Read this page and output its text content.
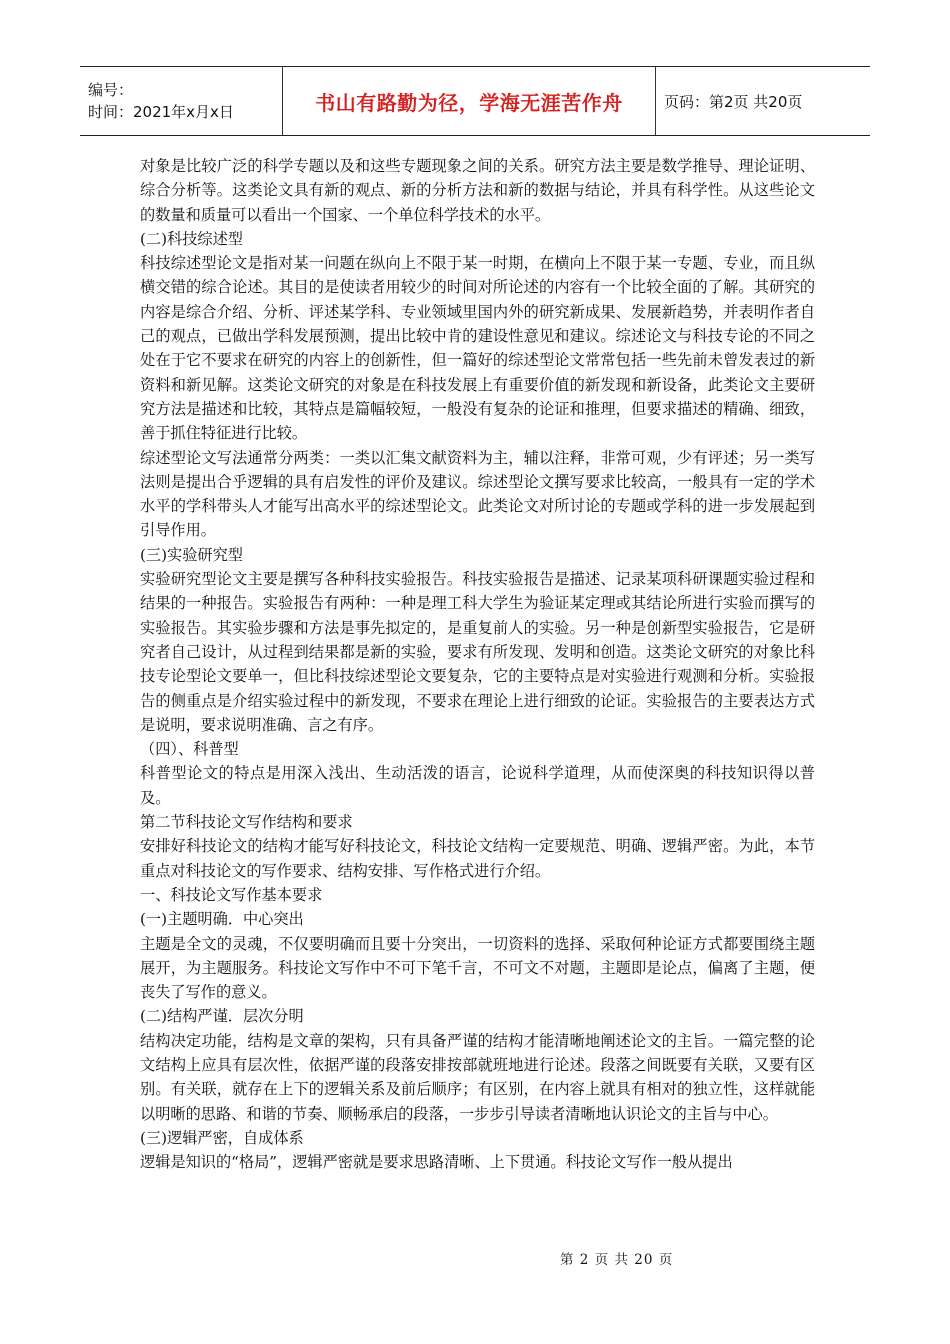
编号：
时间：2021年x月x日	书山有路勤为径，学海无涯苦作舟	页码：第2页 共20页

对象是比较广泛的科学专题以及和这些专题现象之间的关系。研究方法主要是数学推导、理论证明、综合分析等。这类论文具有新的观点、新的分析方法和新的数据与结论，并具有科学性。从这些论文的数量和质量可以看出一个国家、一个单位科学技术的水平。

(二)科技综述型

科技综述型论文是指对某一问题在纵向上不限于某一时期，在横向上不限于某一专题、专业，而且纵横交错的综合论述。其目的是使读者用较少的时间对所论述的内容有一个比较全面的了解。其研究的内容是综合介绍、分析、评述某学科、专业领域里国内外的研究新成果、发展新趋势，并表明作者自己的观点，已做出学科发展预测，提出比较中肯的建设性意见和建议。综述论文与科技专论的不同之处在于它不要求在研究的内容上的创新性，但一篇好的综述型论文常常包括一些先前未曾发表过的新资料和新见解。这类论文研究的对象是在科技发展上有重要价值的新发现和新设备，此类论文主要研究方法是描述和比较，其特点是篇幅较短，一般没有复杂的论证和推理，但要求描述的精确、细致，善于抓住特征进行比较。

综述型论文写法通常分两类：一类以汇集文献资料为主，辅以注释，非常可观，少有评述；另一类写法则是提出合乎逻辑的具有启发性的评价及建议。综述型论文撰写要求比较高，一般具有一定的学术水平的学科带头人才能写出高水平的综述型论文。此类论文对所讨论的专题或学科的进一步发展起到引导作用。

(三)实验研究型

实验研究型论文主要是撰写各种科技实验报告。科技实验报告是描述、记录某项科研课题实验过程和结果的一种报告。实验报告有两种：一种是理工科大学生为验证某定理或其结论所进行实验而撰写的实验报告。其实验步骤和方法是事先拟定的，是重复前人的实验。另一种是创新型实验报告，它是研究者自己设计，从过程到结果都是新的实验，要求有所发现、发明和创造。这类论文研究的对象比科技专论型论文要单一，但比科技综述型论文要复杂，它的主要特点是对实验进行观测和分析。实验报告的侧重点是介绍实验过程中的新发现，不要求在理论上进行细致的论证。实验报告的主要表达方式是说明，要求说明准确、言之有序。

（四）、科普型

科普型论文的特点是用深入浅出、生动活泼的语言，论说科学道理，从而使深奥的科技知识得以普及。

第二节科技论文写作结构和要求

安排好科技论文的结构才能写好科技论文，科技论文结构一定要规范、明确、逻辑严密。为此，本节重点对科技论文的写作要求、结构安排、写作格式进行介绍。

一、科技论文写作基本要求

(一)主题明确．中心突出

主题是全文的灵魂，不仅要明确而且要十分突出，一切资料的选择、采取何种论证方式都要围绕主题展开，为主题服务。科技论文写作中不可下笔千言，不可文不对题，主题即是论点，偏离了主题，便丧失了写作的意义。

(二)结构严谨．层次分明

结构决定功能，结构是文章的架构，只有具备严谨的结构才能清晰地阐述论文的主旨。一篇完整的论文结构上应具有层次性，依据严谨的段落安排按部就班地进行论述。段落之间既要有关联，又要有区别。有关联，就存在上下的逻辑关系及前后顺序；有区别，在内容上就具有相对的独立性，这样就能以明晰的思路、和谐的节奏、顺畅承启的段落，一步步引导读者清晰地认识论文的主旨与中心。

(三)逻辑严密，自成体系

逻辑是知识的“格局”，逻辑严密就是要求思路清晰、上下贯通。科技论文写作一般从提出

第 2 页 共 20 页
